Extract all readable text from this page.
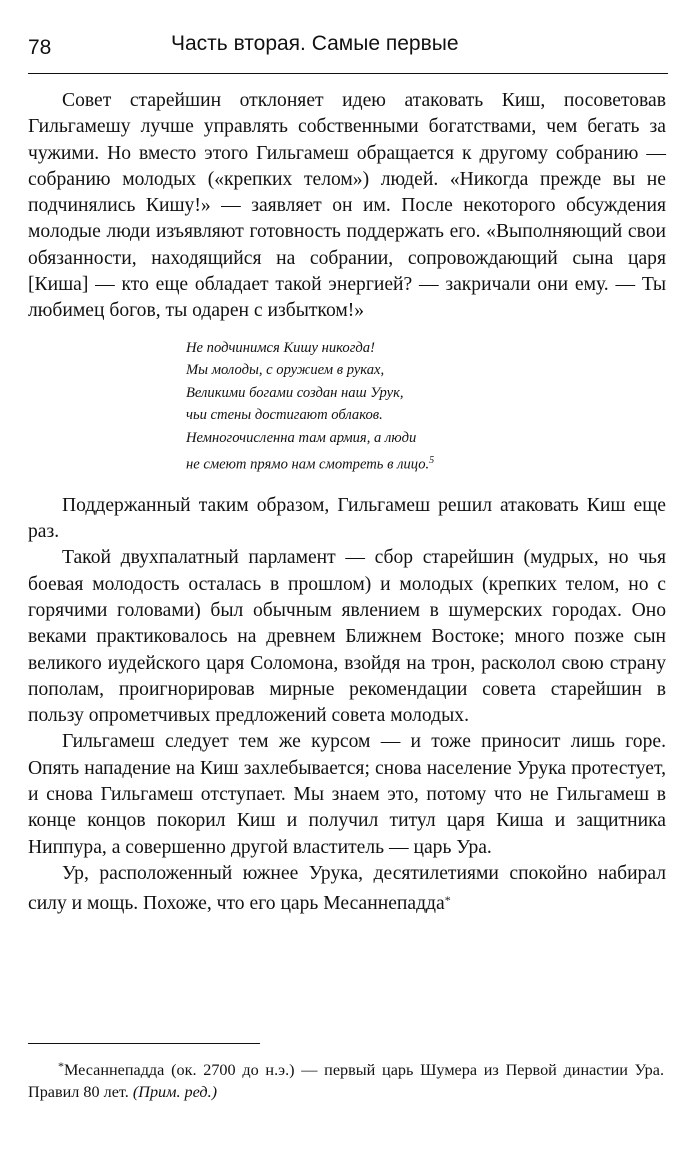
78	Часть вторая. Самые первые

Совет старейшин отклоняет идею атаковать Киш, посоветовав Гильгамешу лучше управлять собственными богатствами, чем бегать за чужими. Но вместо этого Гильгамеш обращается к другому собранию — собранию молодых («крепких телом») людей. «Никогда прежде вы не подчинялись Кишу!» — заявляет он им. После некоторого обсуждения молодые люди изъявляют готовность поддержать его. «Выполняющий свои обязанности, находящийся на собрании, сопровождающий сына царя [Киша] — кто еще обладает такой энергией? — закричали они ему. — Ты любимец богов, ты одарен с избытком!»

Не подчинимся Кишу никогда!
Мы молоды, с оружием в руках,
Великими богами создан наш Урук,
чьи стены достигают облаков.
Немногочисленна там армия, а люди
не смеют прямо нам смотреть в лицо.$^5$

Поддержанный таким образом, Гильгамеш решил атаковать Киш еще раз.

Такой двухпалатный парламент — сбор старейшин (мудрых, но чья боевая молодость осталась в прошлом) и молодых (крепких телом, но с горячими головами) был обычным явлением в шумерских городах. Оно веками практиковалось на древнем Ближнем Востоке; много позже сын великого иудейского царя Соломона, взойдя на трон, расколол свою страну пополам, проигнорировав мирные рекомендации совета старейшин в пользу опрометчивых предложений совета молодых.

Гильгамеш следует тем же курсом — и тоже приносит лишь горе. Опять нападение на Киш захлебывается; снова население Урука протестует, и снова Гильгамеш отступает. Мы знаем это, потому что не Гильгамеш в конце концов покорил Киш и получил титул царя Киша и защитника Ниппура, а совершенно другой властитель — царь Ура.

Ур, расположенный южнее Урука, десятилетиями спокойно набирал силу и мощь. Похоже, что его царь Месаннепадда*

*Месаннепадда (ок. 2700 до н.э.) — первый царь Шумера из Первой династии Ура. Правил 80 лет. (Прим. ред.)
